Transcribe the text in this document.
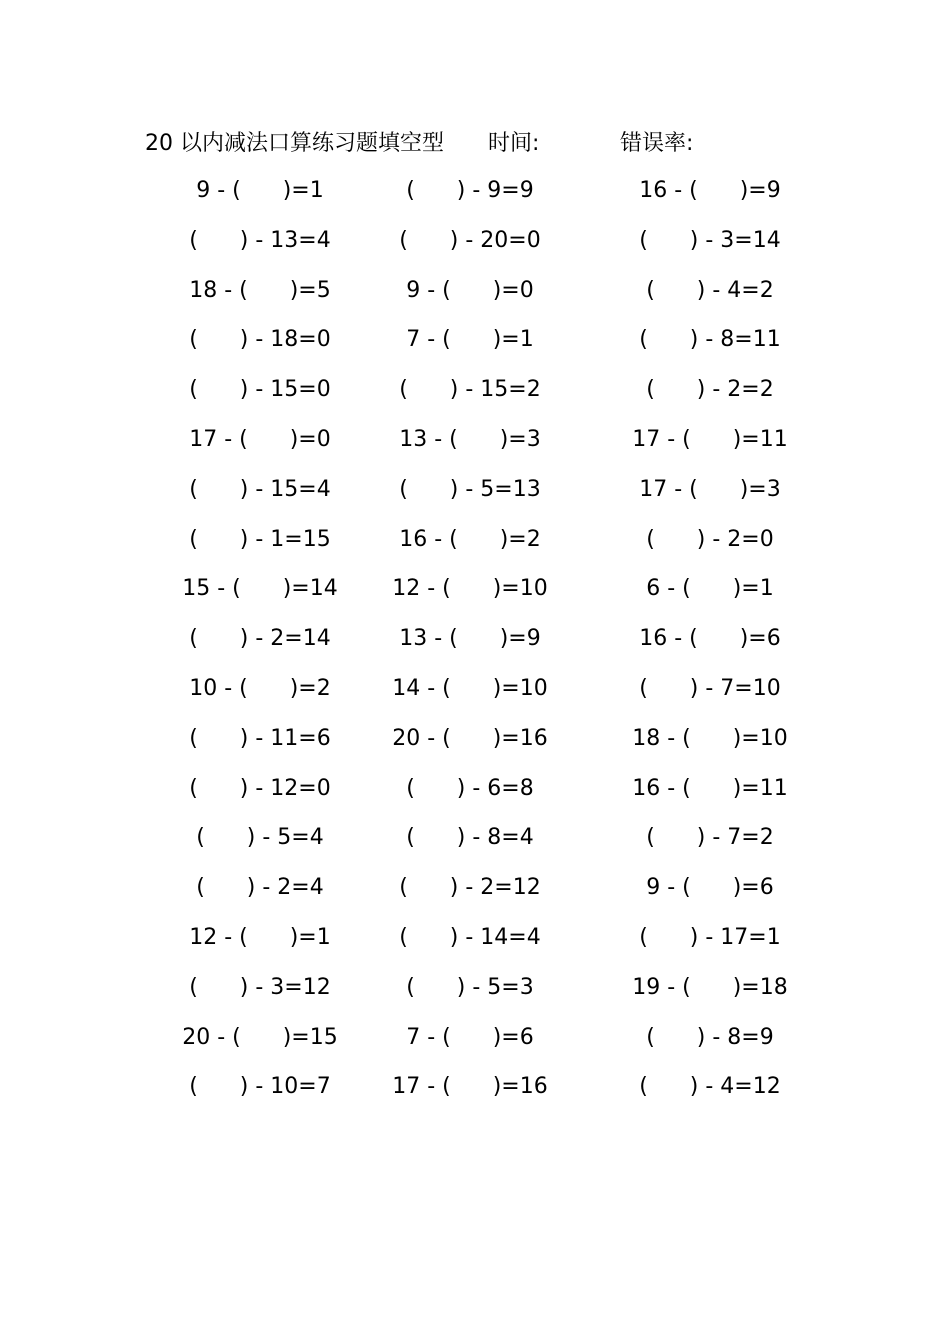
20 以内减法口算练习题填空型 时间:	错误率:
9 - (      )=1	(      ) - 9=9	16 - (      )=9
(      ) - 13=4	(      ) - 20=0	(      ) - 3=14
18 - (      )=5	9 - (      )=0	(      ) - 4=2
(      ) - 18=0	7 - (      )=1	(      ) - 8=11
(      ) - 15=0	(      ) - 15=2	(      ) - 2=2
17 - (      )=0	13 - (      )=3	17 - (      )=11
(      ) - 15=4	(      ) - 5=13	17 - (      )=3
(      ) - 1=15	16 - (      )=2	(      ) - 2=0
15 - (      )=14	12 - (      )=10	6 - (      )=1
(      ) - 2=14	13 - (      )=9	16 - (      )=6
10 - (      )=2	14 - (      )=10	(      ) - 7=10
(      ) - 11=6	20 - (      )=16	18 - (      )=10
(      ) - 12=0	(      ) - 6=8	16 - (      )=11
(      ) - 5=4	(      ) - 8=4	(      ) - 7=2
(      ) - 2=4	(      ) - 2=12	9 - (      )=6
12 - (      )=1	(      ) - 14=4	(      ) - 17=1
(      ) - 3=12	(      ) - 5=3	19 - (      )=18
20 - (      )=15	7 - (      )=6	(      ) - 8=9
(      ) - 10=7	17 - (      )=16	(      ) - 4=12
